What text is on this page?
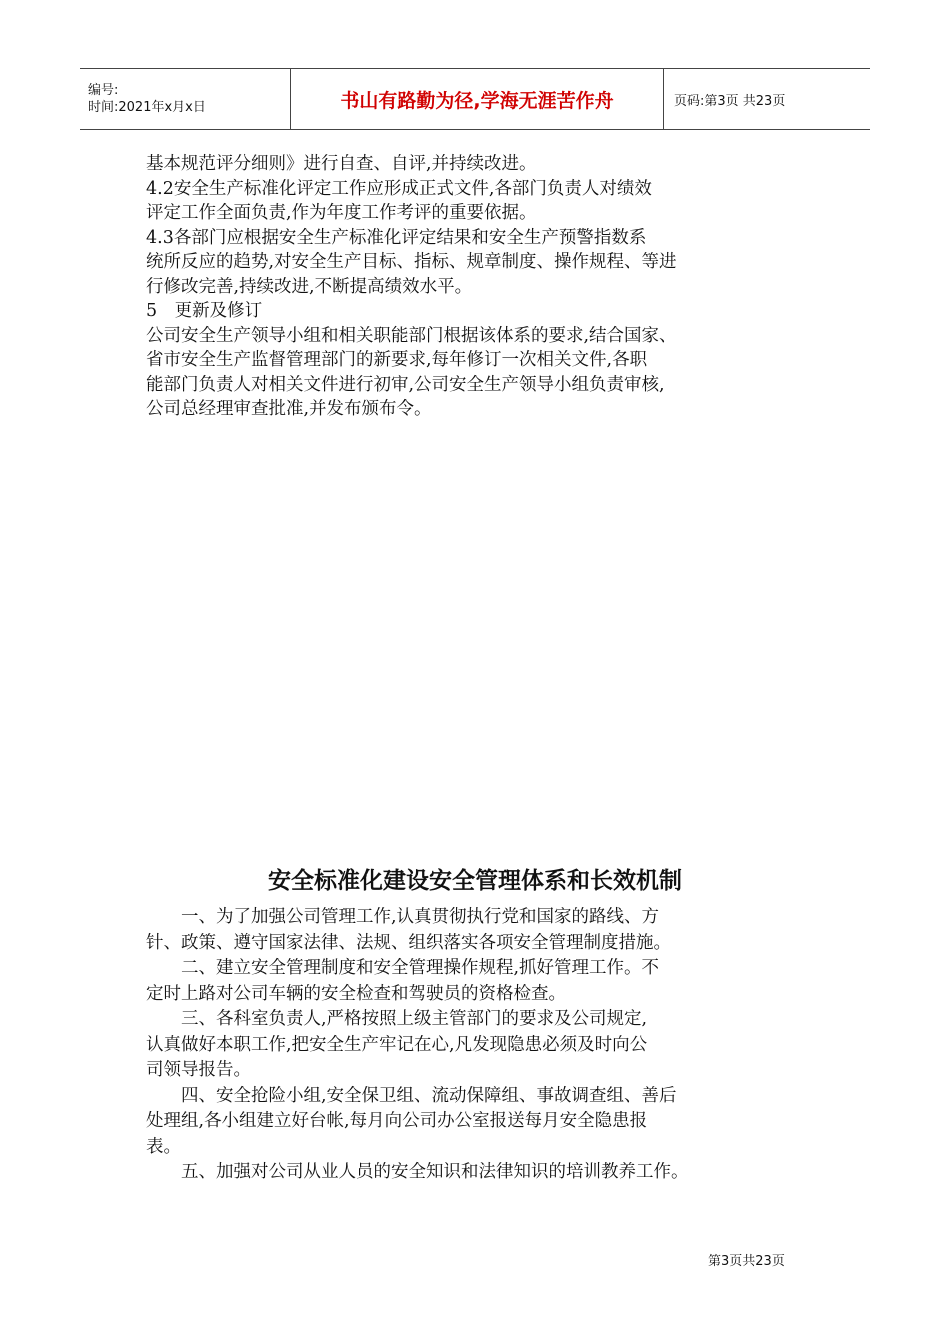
编号:
时间:2021年x月x日	书山有路勤为径,学海无涯苦作舟	页码:第3页 共23页

基本规范评分细则》进行自查、自评,并持续改进。

4.2安全生产标准化评定工作应形成正式文件,各部门负责人对绩效

评定工作全面负责,作为年度工作考评的重要依据。

4.3各部门应根据安全生产标准化评定结果和安全生产预警指数系

统所反应的趋势,对安全生产目标、指标、规章制度、操作规程、等进

行修改完善,持续改进,不断提高绩效水平。

5　更新及修订

公司安全生产领导小组和相关职能部门根据该体系的要求,结合国家、

省市安全生产监督管理部门的新要求,每年修订一次相关文件,各职

能部门负责人对相关文件进行初审,公司安全生产领导小组负责审核,

公司总经理审查批准,并发布颁布令。

安全标准化建设安全管理体系和长效机制

　　一、为了加强公司管理工作,认真贯彻执行党和国家的路线、方

针、政策、遵守国家法律、法规、组织落实各项安全管理制度措施。

　　二、建立安全管理制度和安全管理操作规程,抓好管理工作。不

定时上路对公司车辆的安全检查和驾驶员的资格检查。

　　三、各科室负责人,严格按照上级主管部门的要求及公司规定,

认真做好本职工作,把安全生产牢记在心,凡发现隐患必须及时向公

司领导报告。

　　四、安全抢险小组,安全保卫组、流动保障组、事故调查组、善后

处理组,各小组建立好台帐,每月向公司办公室报送每月安全隐患报

表。

　　五、加强对公司从业人员的安全知识和法律知识的培训教养工作。

第3页共23页
